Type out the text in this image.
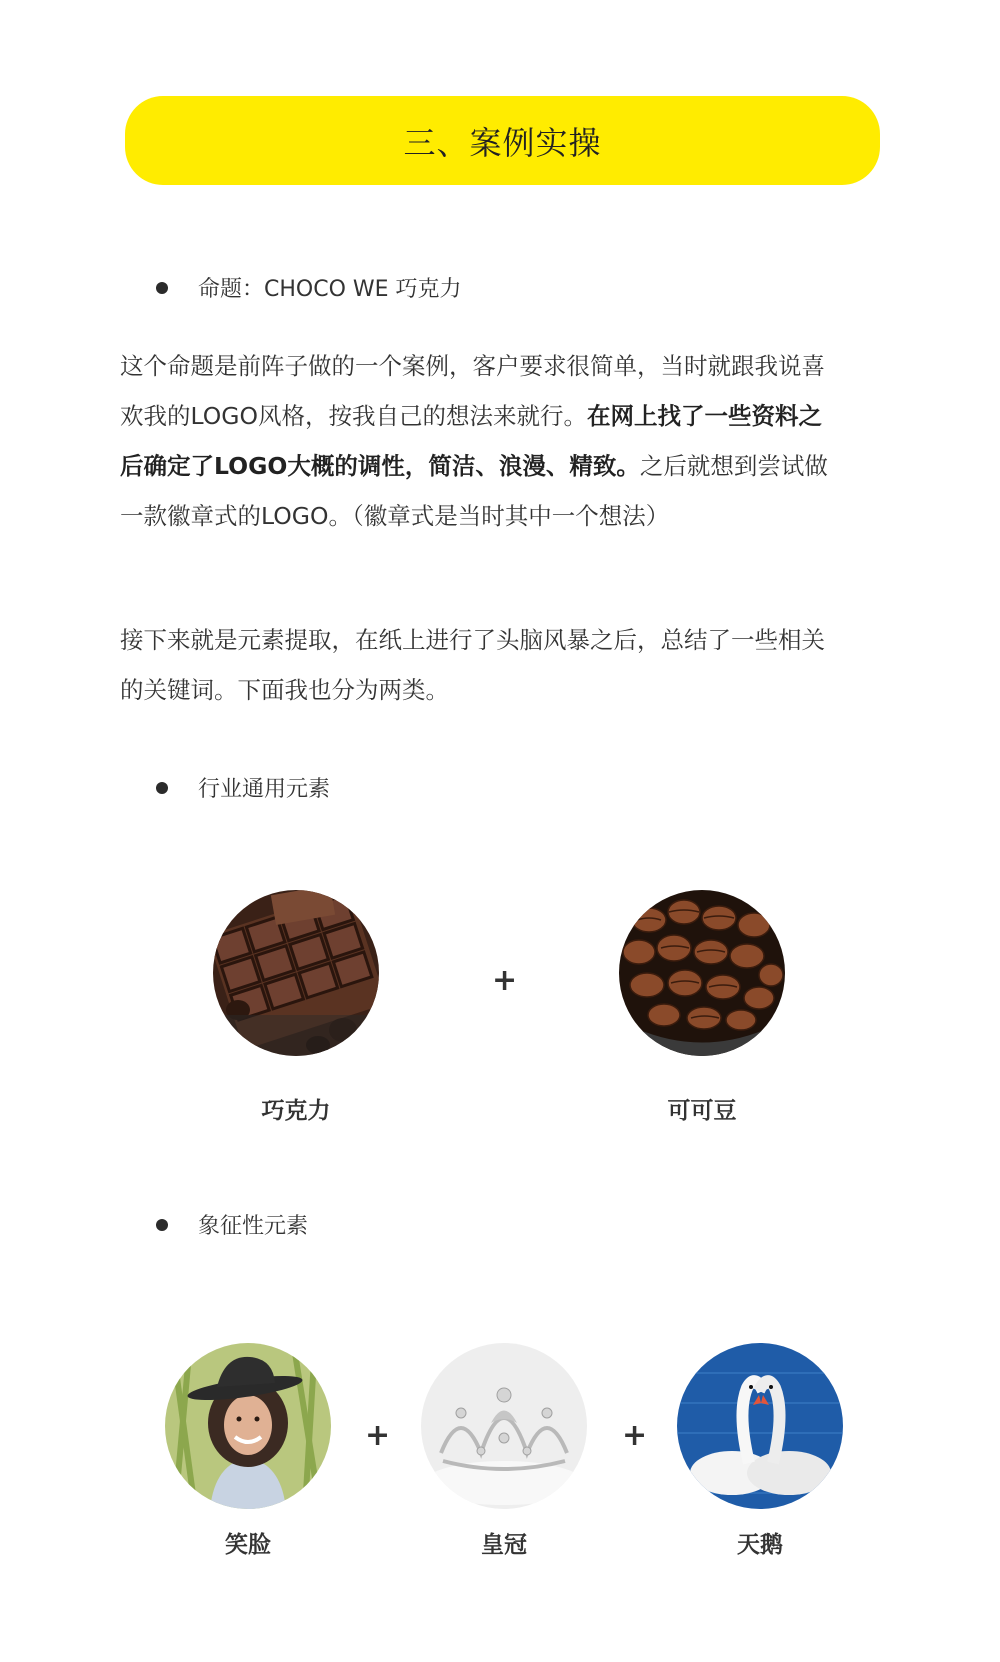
三、案例实操
命题：CHOCO WE 巧克力
这个命题是前阵子做的一个案例，客户要求很简单，当时就跟我说喜
欢我的LOGO风格，按我自己的想法来就行。在网上找了一些资料之
后确定了LOGO大概的调性，简洁、浪漫、精致。之后就想到尝试做
一款徽章式的LOGO。（徽章式是当时其中一个想法）
接下来就是元素提取，在纸上进行了头脑风暴之后，总结了一些相关
的关键词。下面我也分为两类。
行业通用元素
+
巧克力	可可豆
象征性元素
+	+
笑脸	皇冠	天鹅
